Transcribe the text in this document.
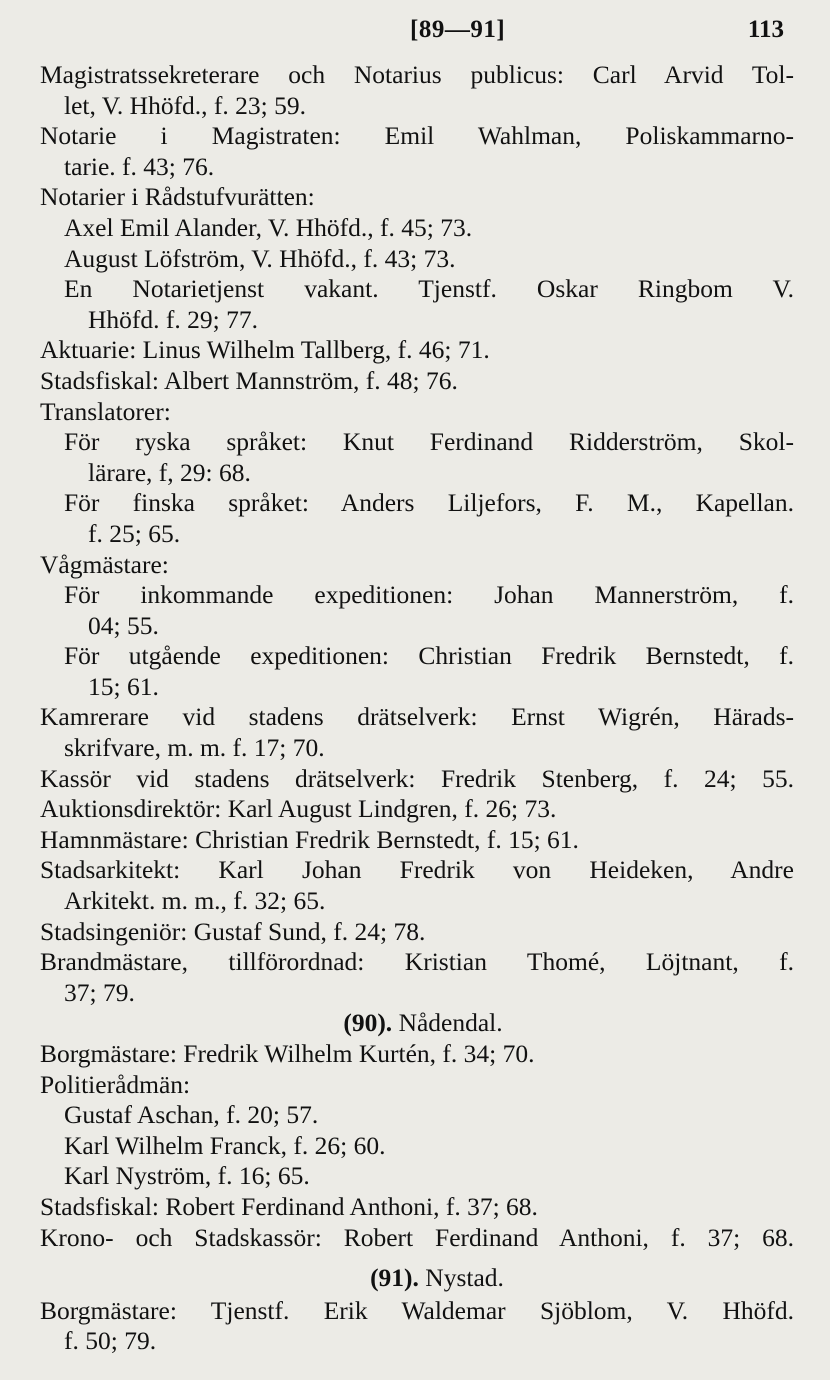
[89—91]	113

Magistratssekreterare och Notarius publicus: Carl Arvid Tol-
let, V. Hhöfd., f. 23; 59.

Notarie i Magistraten: Emil Wahlman, Poliskammarno-
tarie. f. 43; 76.

Notarier i Rådstufvurätten:

Axel Emil Alander, V. Hhöfd., f. 45; 73.

August Löfström, V. Hhöfd., f. 43; 73.

En Notarietjenst vakant. Tjenstf. Oskar Ringbom V.
Hhöfd. f. 29; 77.

Aktuarie: Linus Wilhelm Tallberg, f. 46; 71.

Stadsfiskal: Albert Mannström, f. 48; 76.

Translatorer:

För ryska språket: Knut Ferdinand Ridderström, Skol-
lärare, f, 29: 68.

För finska språket: Anders Liljefors, F. M., Kapellan.
f. 25; 65.

Vågmästare:

För inkommande expeditionen: Johan Mannerström, f.
04; 55.

För utgående expeditionen: Christian Fredrik Bernstedt, f.
15; 61.

Kamrerare vid stadens drätselverk: Ernst Wigrén, Härads-
skrifvare, m. m. f. 17; 70.

Kassör vid stadens drätselverk: Fredrik Stenberg, f. 24; 55.

Auktionsdirektör: Karl August Lindgren, f. 26; 73.

Hamnmästare: Christian Fredrik Bernstedt, f. 15; 61.

Stadsarkitekt: Karl Johan Fredrik von Heideken, Andre
Arkitekt. m. m., f. 32; 65.

Stadsingeniör: Gustaf Sund, f. 24; 78.

Brandmästare, tillförordnad: Kristian Thomé, Löjtnant, f.
37; 79.

(90). Nådendal.

Borgmästare: Fredrik Wilhelm Kurtén, f. 34; 70.

Politierådmän:

Gustaf Aschan, f. 20; 57.

Karl Wilhelm Franck, f. 26; 60.

Karl Nyström, f. 16; 65.

Stadsfiskal: Robert Ferdinand Anthoni, f. 37; 68.

Krono- och Stadskassör: Robert Ferdinand Anthoni, f. 37; 68.

(91). Nystad.

Borgmästare: Tjenstf. Erik Waldemar Sjöblom, V. Hhöfd.
f. 50; 79.
